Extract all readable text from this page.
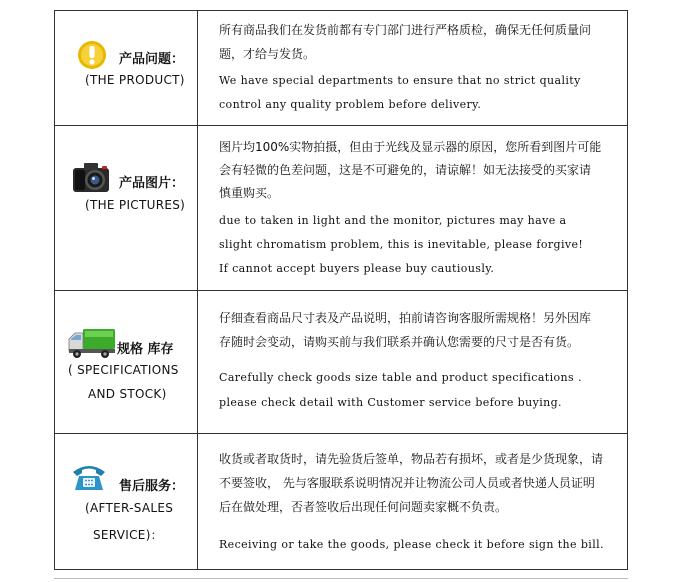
产品问题：
(THE PRODUCT)
所有商品我们在发货前都有专门部门进行严格质检，确保无任何质量问
题，才给与发货。
We have special departments to ensure that no strict quality
control any quality problem before delivery.
产品图片：
(THE PICTURES)
图片均100%实物拍摄，但由于光线及显示器的原因，您所看到图片可能
会有轻微的色差问题，这是不可避免的，请谅解！如无法接受的买家请
慎重购买。
due to taken in light and the monitor, pictures may have a
slight chromatism problem, this is inevitable, please forgive!
If cannot accept buyers please buy cautiously.
规格 库存
( SPECIFICATIONS
AND STOCK)
仔细查看商品尺寸表及产品说明，拍前请咨询客服所需规格！另外因库
存随时会变动，请购买前与我们联系并确认您需要的尺寸是否有货。
Carefully check goods size table and product specifications .
please check detail with Customer service before buying.
售后服务：
(AFTER-SALES
SERVICE)：
收货或者取货时，请先验货后签单，物品若有损坏，或者是少货现象，请
不要签收， 先与客服联系说明情况并让物流公司人员或者快递人员证明
后在做处理，否者签收后出现任何问题卖家概不负责。
Receiving or take the goods, please check it before sign the bill.
